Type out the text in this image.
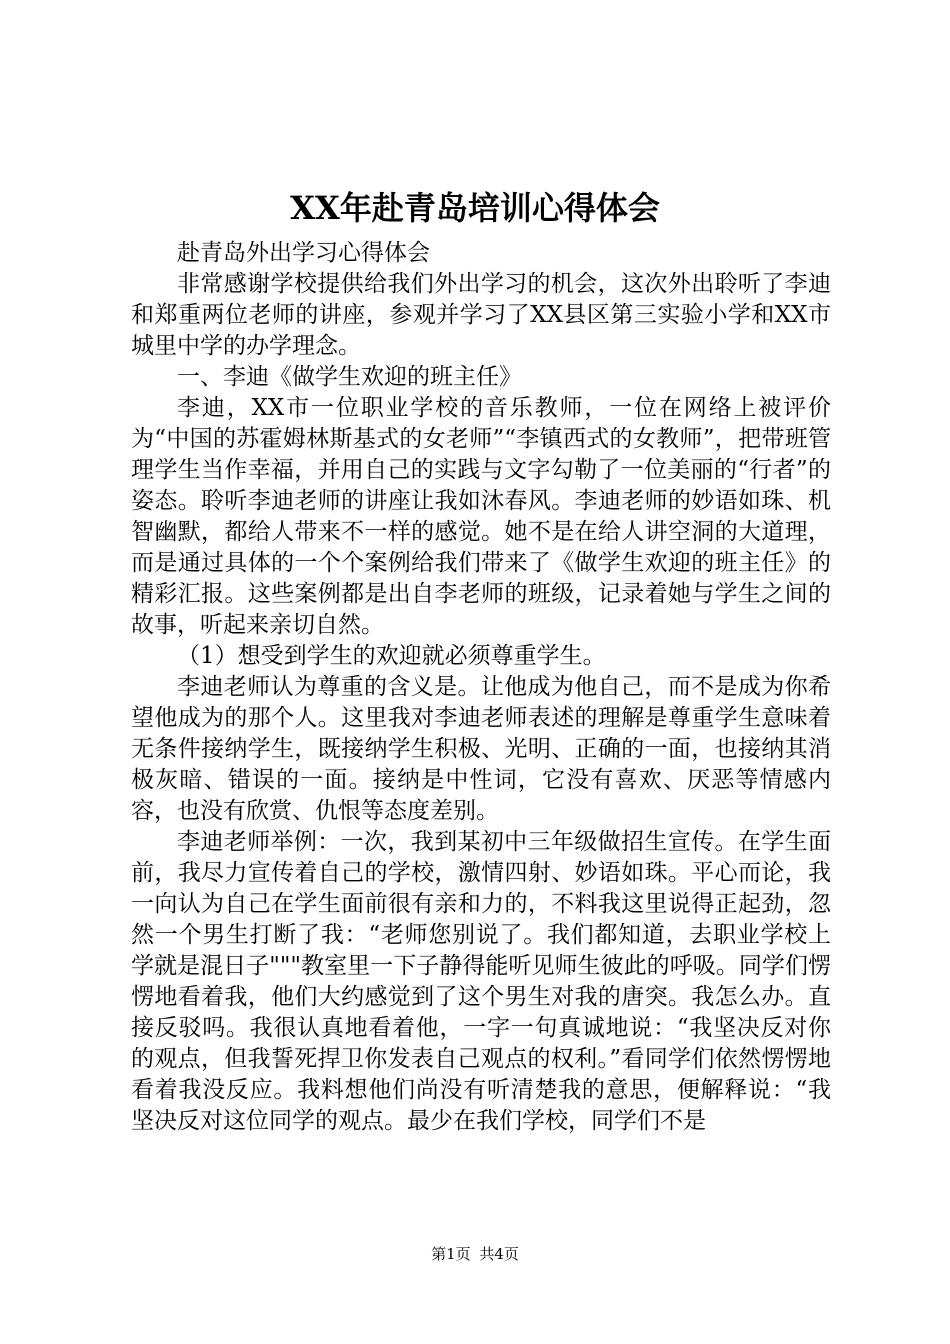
XX年赴青岛培训心得体会

赴青岛外出学习心得体会

非常感谢学校提供给我们外出学习的机会，这次外出聆听了李迪和郑重两位老师的讲座，参观并学习了XX县区第三实验小学和XX市城里中学的办学理念。

一、李迪《做学生欢迎的班主任》

李迪，XX市一位职业学校的音乐教师，一位在网络上被评价为“中国的苏霍姆林斯基式的女老师”“李镇西式的女教师”，把带班管理学生当作幸福，并用自己的实践与文字勾勒了一位美丽的“行者”的姿态。聆听李迪老师的讲座让我如沐春风。李迪老师的妙语如珠、机智幽默，都给人带来不一样的感觉。她不是在给人讲空洞的大道理，而是通过具体的一个个案例给我们带来了《做学生欢迎的班主任》的精彩汇报。这些案例都是出自李老师的班级，记录着她与学生之间的故事，听起来亲切自然。

（1）想受到学生的欢迎就必须尊重学生。

李迪老师认为尊重的含义是。让他成为他自己，而不是成为你希望他成为的那个人。这里我对李迪老师表述的理解是尊重学生意味着无条件接纳学生，既接纳学生积极、光明、正确的一面，也接纳其消极灰暗、错误的一面。接纳是中性词，它没有喜欢、厌恶等情感内容，也没有欣赏、仇恨等态度差别。

李迪老师举例：一次，我到某初中三年级做招生宣传。在学生面前，我尽力宣传着自己的学校，激情四射、妙语如珠。平心而论，我一向认为自己在学生面前很有亲和力的，不料我这里说得正起劲，忽然一个男生打断了我：“老师您别说了。我们都知道，去职业学校上学就是混日子"""教室里一下子静得能听见师生彼此的呼吸。同学们愣愣地看着我，他们大约感觉到了这个男生对我的唐突。我怎么办。直接反驳吗。我很认真地看着他，一字一句真诚地说：“我坚决反对你的观点，但我誓死捍卫你发表自己观点的权利。”看同学们依然愣愣地看着我没反应。我料想他们尚没有听清楚我的意思，便解释说：“我坚决反对这位同学的观点。最少在我们学校，同学们不是

第1页 共4页
